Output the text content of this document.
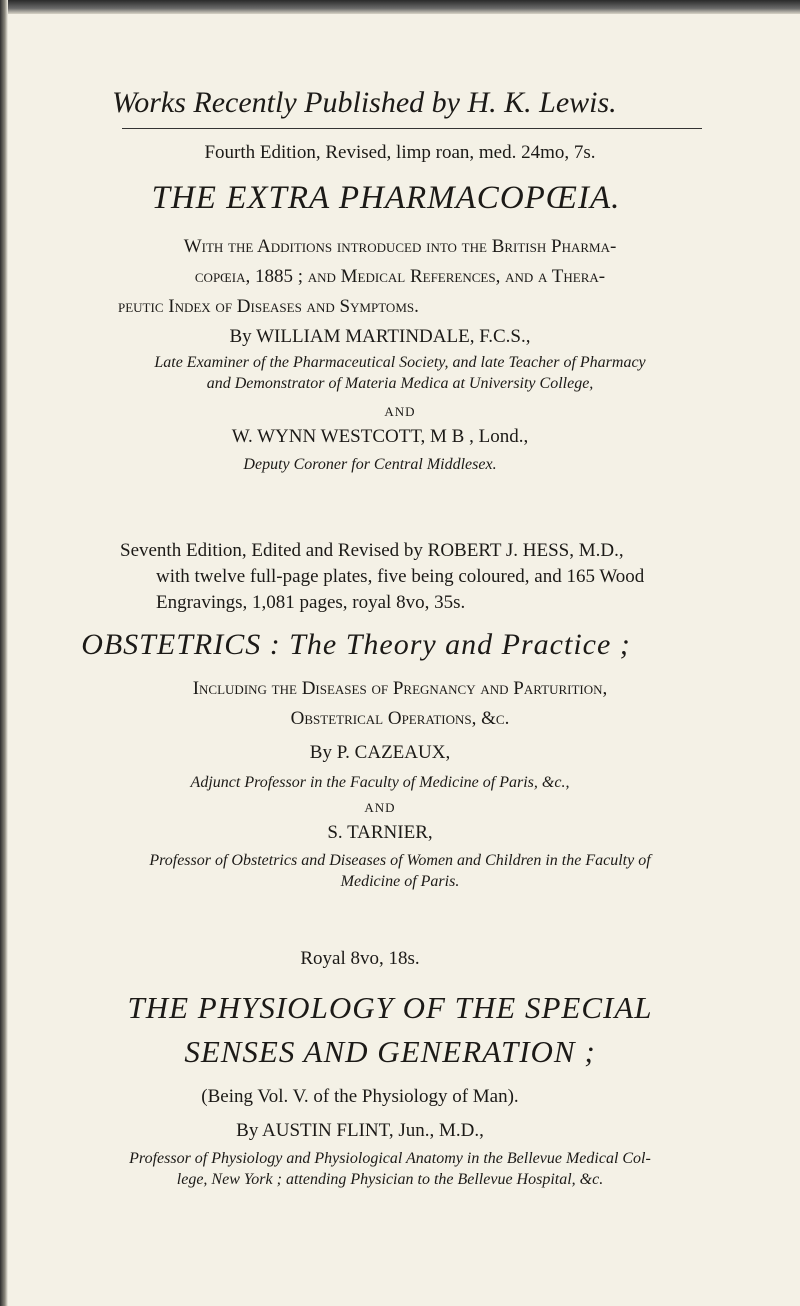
Works Recently Published by H. K. Lewis.
Fourth Edition, Revised, limp roan, med. 24mo, 7s.
THE EXTRA PHARMACOPŒIA.
With the Additions introduced into the British Pharma-
copœia, 1885 ; and Medical References, and a Thera-
peutic Index of Diseases and Symptoms.
By WILLIAM MARTINDALE, F.C.S.,
Late Examiner of the Pharmaceutical Society, and late Teacher of Pharmacy
and Demonstrator of Materia Medica at University College,
AND
W. WYNN WESTCOTT, M B , Lond.,
Deputy Coroner for Central Middlesex.
Seventh Edition, Edited and Revised by ROBERT J. HESS, M.D.,
with twelve full-page plates, five being coloured, and 165 Wood
Engravings, 1,081 pages, royal 8vo, 35s.
OBSTETRICS : The Theory and Practice ;
Including the Diseases of Pregnancy and Parturition,
Obstetrical Operations, &c.
By P. CAZEAUX,
Adjunct Professor in the Faculty of Medicine of Paris, &c.,
AND
S. TARNIER,
Professor of Obstetrics and Diseases of Women and Children in the Faculty of
Medicine of Paris.
Royal 8vo, 18s.
THE PHYSIOLOGY OF THE SPECIAL
SENSES AND GENERATION ;
(Being Vol. V. of the Physiology of Man).
By AUSTIN FLINT, Jun., M.D.,
Professor of Physiology and Physiological Anatomy in the Bellevue Medical Col-
lege, New York ; attending Physician to the Bellevue Hospital, &c.
